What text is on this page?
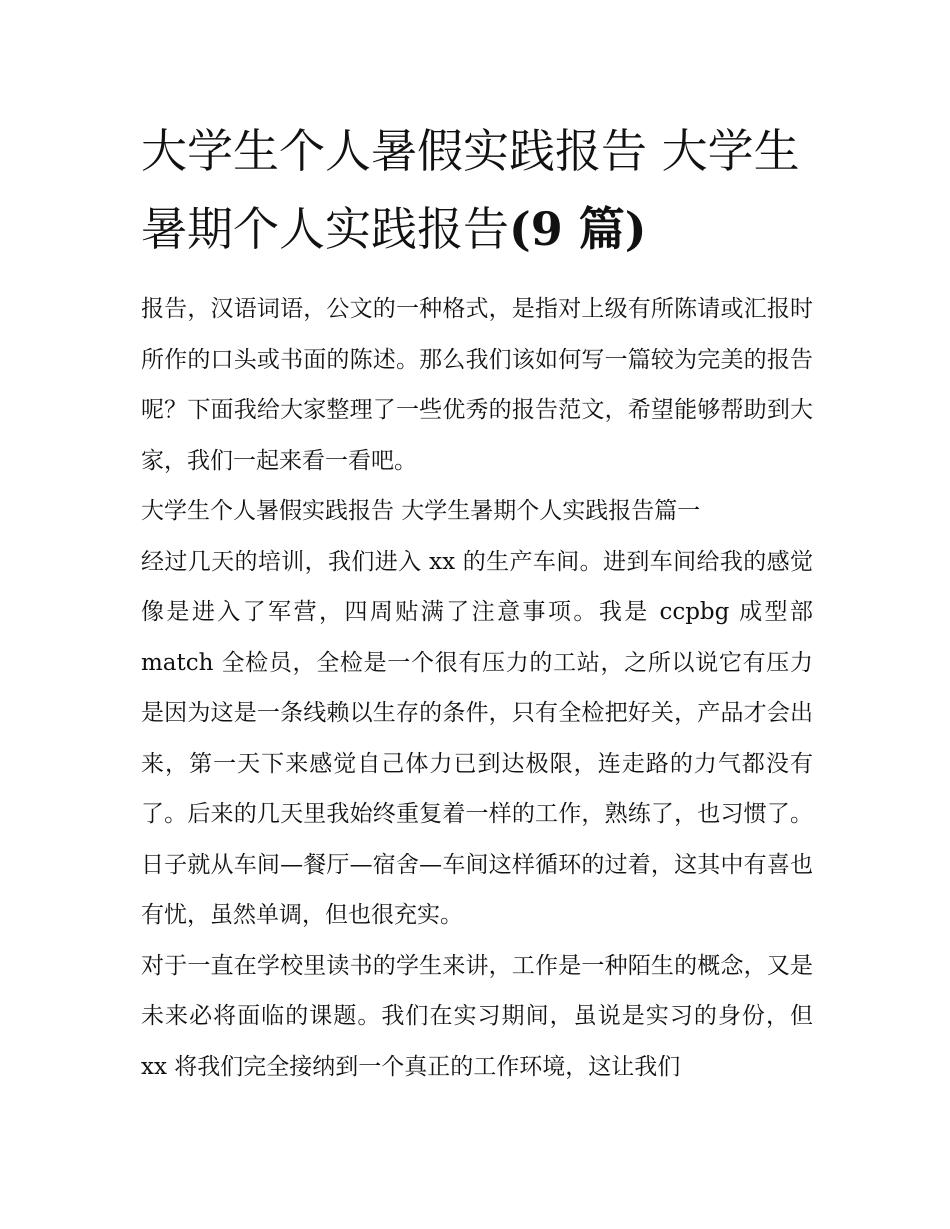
大学生个人暑假实践报告 大学生暑期个人实践报告(9 篇)

报告，汉语词语，公文的一种格式，是指对上级有所陈请或汇报时所作的口头或书面的陈述。那么我们该如何写一篇较为完美的报告呢？下面我给大家整理了一些优秀的报告范文，希望能够帮助到大家，我们一起来看一看吧。

大学生个人暑假实践报告 大学生暑期个人实践报告篇一

经过几天的培训，我们进入 xx 的生产车间。进到车间给我的感觉像是进入了军营，四周贴满了注意事项。我是 ccpbg 成型部 match 全检员，全检是一个很有压力的工站，之所以说它有压力是因为这是一条线赖以生存的条件，只有全检把好关，产品才会出来，第一天下来感觉自己体力已到达极限，连走路的力气都没有了。后来的几天里我始终重复着一样的工作，熟练了，也习惯了。日子就从车间—餐厅—宿舍—车间这样循环的过着，这其中有喜也有忧，虽然单调，但也很充实。

对于一直在学校里读书的学生来讲，工作是一种陌生的概念，又是未来必将面临的课题。我们在实习期间，虽说是实习的身份，但 xx 将我们完全接纳到一个真正的工作环境，这让我们
